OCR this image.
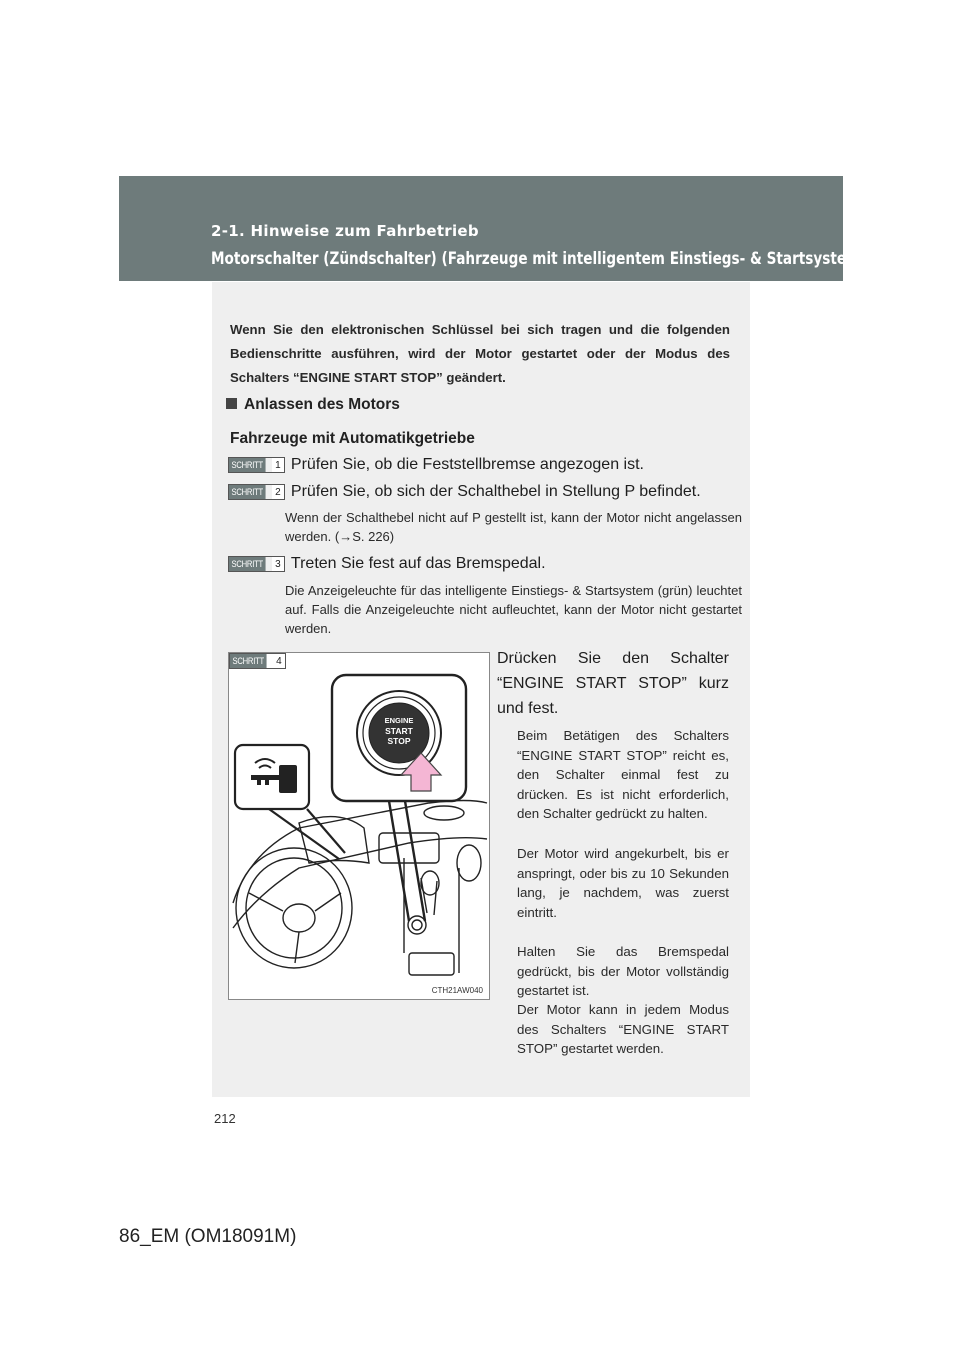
2-1. Hinweise zum Fahrbetrieb
Motorschalter (Zündschalter) (Fahrzeuge mit intelligentem Einstiegs- & Startsystem)
Wenn Sie den elektronischen Schlüssel bei sich tragen und die folgenden Bedienschritte ausführen, wird der Motor gestartet oder der Modus des Schalters “ENGINE START STOP” geändert.
Anlassen des Motors
Fahrzeuge mit Automatikgetriebe
SCHRITT	1 Prüfen Sie, ob die Feststellbremse angezogen ist.
SCHRITT	2 Prüfen Sie, ob sich der Schalthebel in Stellung P befindet.
Wenn der Schalthebel nicht auf P gestellt ist, kann der Motor nicht angelassen werden. (→S. 226)
SCHRITT	3 Treten Sie fest auf das Bremspedal.
Die Anzeigeleuchte für das intelligente Einstiegs- & Startsystem (grün) leuchtet auf. Falls die Anzeigeleuchte nicht aufleuchtet, kann der Motor nicht gestartet werden.
SCHRITT	4
ENGINE
START
STOP
CTH21AW040
Drücken Sie den Schalter “ENGINE START STOP” kurz und fest.
Beim Betätigen des Schalters “ENGINE START STOP” reicht es, den Schalter einmal fest zu drücken. Es ist nicht erforderlich, den Schalter gedrückt zu halten.
Der Motor wird angekurbelt, bis er anspringt, oder bis zu 10 Sekunden lang, je nachdem, was zuerst eintritt.
Halten Sie das Bremspedal gedrückt, bis der Motor vollständig gestartet ist.
Der Motor kann in jedem Modus des Schalters “ENGINE START STOP” gestartet werden.
212
86_EM (OM18091M)
